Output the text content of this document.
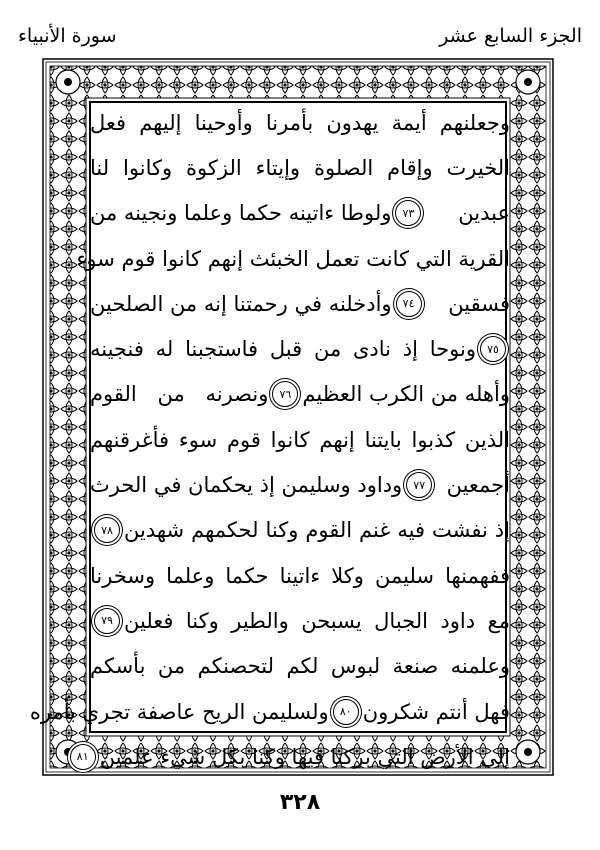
الجزء السابع عشر
سورة الأنبياء
وجعلنهم أيمة يهدون بأمرنا وأوحينا إليهم فعل
الخيرت وإقام الصلوة وإيتاء الزكوة وكانوا لنا
عبدين
٧٣
ولوطا ءاتينه حكما وعلما ونجينه من
القرية التي كانت تعمل الخبئث إنهم كانوا قوم سوء
فسقين
٧٤
وأدخلنه في رحمتنا إنه من الصلحين
٧٥
ونوحا إذ نادى من قبل فاستجبنا له فنجينه
وأهله من الكرب العظيم
٧٦
ونصرنه من القوم
الذين كذبوا بايتنا إنهم كانوا قوم سوء فأغرقنهم
أجمعين
٧٧
وداود وسليمن إذ يحكمان في الحرث
إذ نفشت فيه غنم القوم وكنا لحكمهم شهدين
٧٨
ففهمنها سليمن وكلا ءاتينا حكما وعلما وسخرنا
مع داود الجبال يسبحن والطير وكنا فعلين
٧٩
وعلمنه صنعة لبوس لكم لتحصنكم من بأسكم
فهل أنتم شكرون
٨٠
ولسليمن الريح عاصفة تجري بأمره
إلى الأرض التي بركنا فيها وكنا بكل شيء علمين
٨١
٣٢٨
